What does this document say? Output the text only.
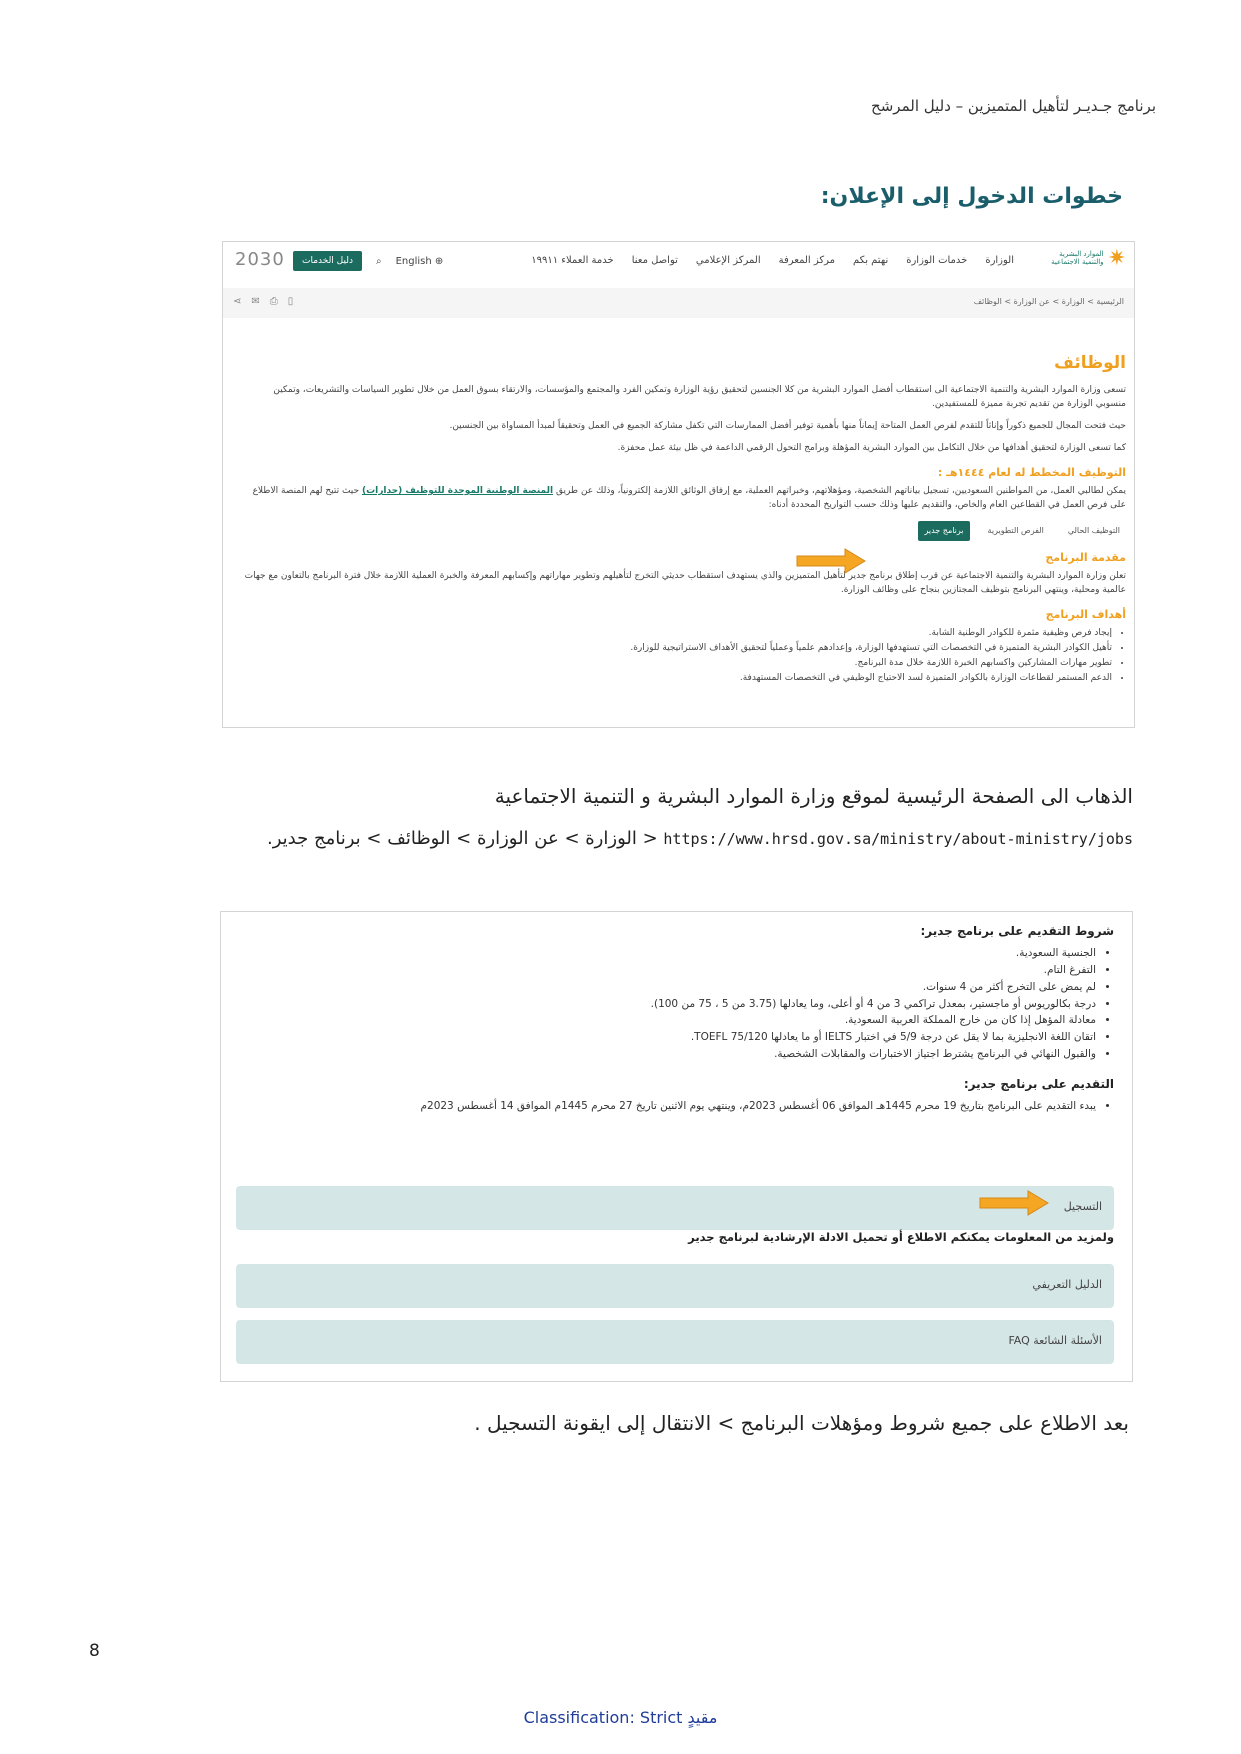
برنامج جـديـر لتأهيل المتميزين – دليل المرشح
خطوات الدخول إلى الإعلان:
✷
الموارد البشرية والتنمية الاجتماعية
الوزارة
خدمات الوزارة
نهتم بكم
مركز المعرفة
المركز الإعلامي
تواصل معنا
خدمة العملاء ١٩٩١١
دليل الخدمات	⌕ English ⊕
2030
الرئيسية > الوزارة > عن الوزارة > الوظائف
⋖✉⎙▯
الوظائف

تسعى وزارة الموارد البشرية والتنمية الاجتماعية الى استقطاب أفضل الموارد البشرية من كلا الجنسين لتحقيق رؤية الوزارة وتمكين الفرد والمجتمع والمؤسسات، والارتقاء بسوق العمل من خلال تطوير السياسات والتشريعات، وتمكين منسوبي الوزارة من تقديم تجربة مميزة للمستفيدين.

حيث فتحت المجال للجميع ذكوراً وإناثاً للتقدم لفرص العمل المتاحة إيماناً منها بأهمية توفير أفضل الممارسات التي تكفل مشاركة الجميع في العمل وتحقيقاً لمبدأ المساواة بين الجنسين.

كما تسعى الوزارة لتحقيق أهدافها من خلال التكامل بين الموارد البشرية المؤهلة وبرامج التحول الرقمي الداعمة في ظل بيئة عمل محفزة.

التوظيف المخطط له لعام ١٤٤٤هـ :

يمكن لطالبي العمل، من المواطنين السعوديين، تسجيل بياناتهم الشخصية، ومؤهلاتهم، وخبراتهم العملية، مع إرفاق الوثائق اللازمة إلكترونياً، وذلك عن طريق المنصة الوطنية الموحدة للتوظيف (جدارات) حيث تتيح لهم المنصة الاطلاع على فرص العمل في القطاعين العام والخاص، والتقديم عليها وذلك حسب التواريخ المحددة أدناه:

التوظيف الحالي
الفرص التطويرية
برنامج جدير
مقدمة البرنامج

تعلن وزارة الموارد البشرية والتنمية الاجتماعية عن قرب إطلاق برنامج جدير لتأهيل المتميزين والذي يستهدف استقطاب حديثي التخرج لتأهيلهم وتطوير مهاراتهم وإكسابهم المعرفة والخبرة العملية اللازمة خلال فترة البرنامج بالتعاون مع جهات عالمية ومحلية، وينتهي البرنامج بتوظيف المجتازين بنجاح على وظائف الوزارة.

أهداف البرنامج
• إيجاد فرص وظيفية مثمرة للكوادر الوطنية الشابة.
• تأهيل الكوادر البشرية المتميزة في التخصصات التي تستهدفها الوزارة، وإعدادهم علمياً وعملياً لتحقيق الأهداف الاستراتيجية للوزارة.
• تطوير مهارات المشاركين واكسابهم الخبرة اللازمة خلال مدة البرنامج.
• الدعم المستمر لقطاعات الوزارة بالكوادر المتميزة لسد الاحتياج الوظيفي في التخصصات المستهدفة.
الذهاب الى الصفحة الرئيسية لموقع وزارة الموارد البشرية و التنمية الاجتماعية
https://www.hrsd.gov.sa/ministry/about-ministry/jobs < الوزارة > عن الوزارة > الوظائف > برنامج جدير.
شروط التقديم على برنامج جدير:
• الجنسية السعودية.
• التفرغ التام.
• لم يمض على التخرج أكثر من 4 سنوات.
• درجة بكالوريوس أو ماجستير، بمعدل تراكمي 3 من 4 أو أعلى، وما يعادلها (3.75 من 5 ، 75 من 100).
• معادلة المؤهل إذا كان من خارج المملكة العربية السعودية.
• اتقان اللغة الانجليزية بما لا يقل عن درجة 5/9 في اختبار IELTS أو ما يعادلها TOEFL 75/120.
• والقبول النهائي في البرنامج يشترط اجتياز الاختبارات والمقابلات الشخصية.
التقديم على برنامج جدير:
• يبدء التقديم على البرنامج بتاريخ 19 محرم 1445هـ الموافق 06 أغسطس 2023م، وينتهي يوم الاثنين تاريخ 27 محرم 1445م الموافق 14 أغسطس 2023م
التسجيل
ولمزيد من المعلومات يمكنكم الاطلاع أو تحميل الادلة الإرشادية لبرنامج جدير
الدليل التعريفي
الأسئلة الشائعة FAQ
بعد الاطلاع على جميع شروط ومؤهلات البرنامج > الانتقال إلى ايقونة التسجيل .
8
Classification: Strict مقيدٍ
